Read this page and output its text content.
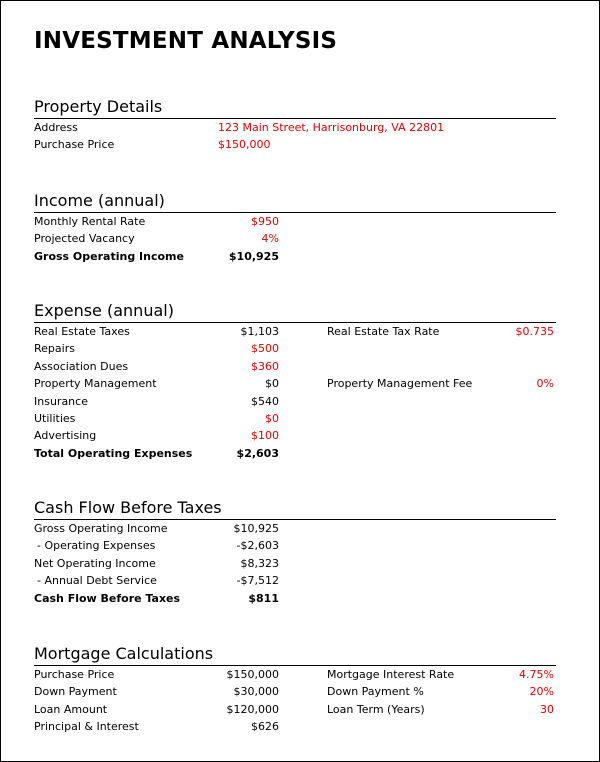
INVESTMENT ANALYSIS
Property Details
Address	123 Main Street, Harrisonburg, VA 22801
Purchase Price	$150,000
Income (annual)
Monthly Rental Rate	$950
Projected Vacancy	4%
Gross Operating Income	$10,925
Expense (annual)
Real Estate Taxes	$1,103	Real Estate Tax Rate	$0.735
Repairs	$500
Association Dues	$360
Property Management	$0	Property Management Fee	0%
Insurance	$540
Utilities	$0
Advertising	$100
Total Operating Expenses	$2,603
Cash Flow Before Taxes
Gross Operating Income	$10,925
- Operating Expenses	-$2,603
Net Operating Income	$8,323
- Annual Debt Service	-$7,512
Cash Flow Before Taxes	$811
Mortgage Calculations
Purchase Price	$150,000	Mortgage Interest Rate	4.75%
Down Payment	$30,000	Down Payment %	20%
Loan Amount	$120,000	Loan Term (Years)	30
Principal & Interest	$626
